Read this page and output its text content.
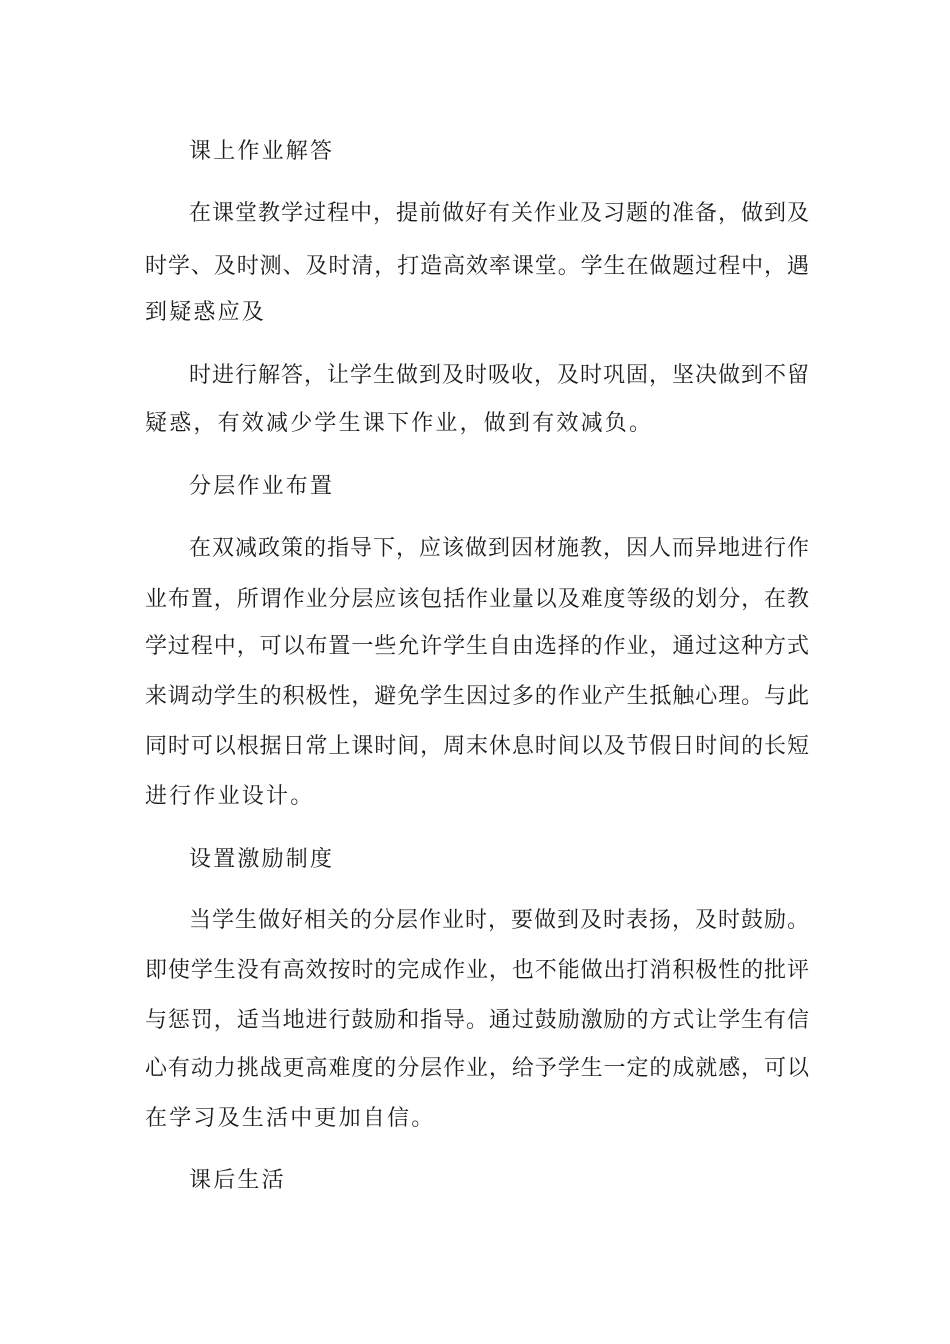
课上作业解答
在课堂教学过程中，提前做好有关作业及习题的准备，做到及
时学、及时测、及时清，打造高效率课堂。学生在做题过程中，遇
到疑惑应及
时进行解答，让学生做到及时吸收，及时巩固，坚决做到不留
疑惑，有效减少学生课下作业，做到有效减负。
分层作业布置
在双减政策的指导下，应该做到因材施教，因人而异地进行作
业布置，所谓作业分层应该包括作业量以及难度等级的划分，在教
学过程中，可以布置一些允许学生自由选择的作业，通过这种方式
来调动学生的积极性，避免学生因过多的作业产生抵触心理。与此
同时可以根据日常上课时间，周末休息时间以及节假日时间的长短
进行作业设计。
设置激励制度
当学生做好相关的分层作业时，要做到及时表扬，及时鼓励。
即使学生没有高效按时的完成作业，也不能做出打消积极性的批评
与惩罚，适当地进行鼓励和指导。通过鼓励激励的方式让学生有信
心有动力挑战更高难度的分层作业，给予学生一定的成就感，可以
在学习及生活中更加自信。
课后生活
